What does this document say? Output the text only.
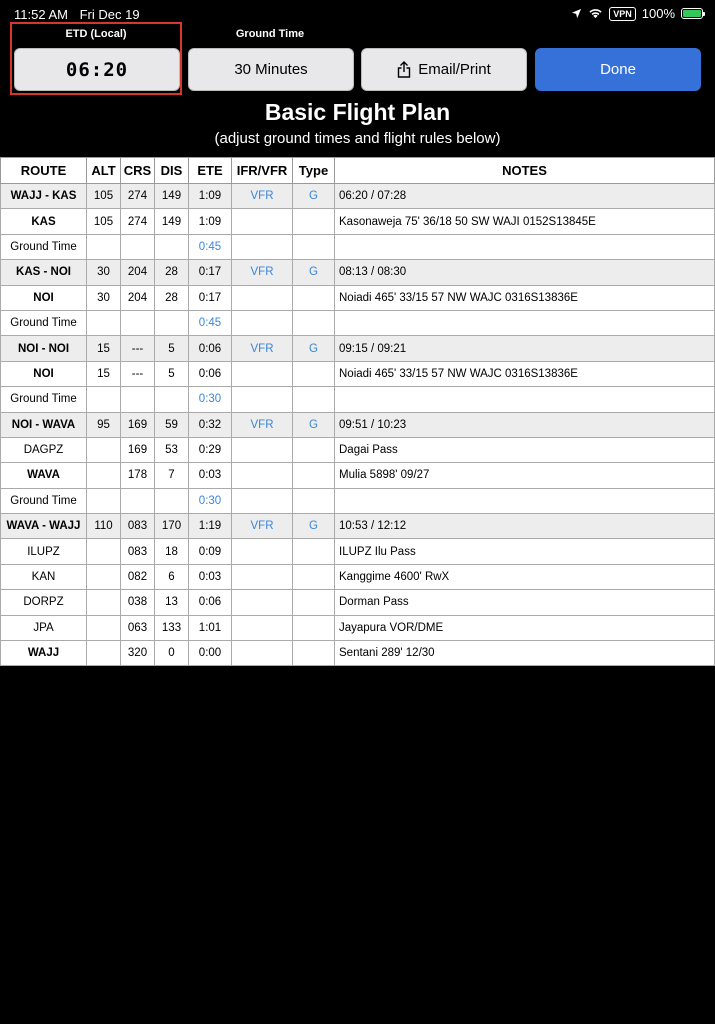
11:52 AM Fri Dec 19	VPN 100%
ETD (Local)	Ground Time
06:20	30 Minutes	Email/Print	Done
Basic Flight Plan
(adjust ground times and flight rules below)
ROUTE	ALT	CRS	DIS	ETE	IFR/VFR	Type	NOTES
WAJJ - KAS	105	274	149	1:09	VFR	G	06:20 / 07:28
KAS	105	274	149	1:09			Kasonaweja 75' 36/18 50 SW WAJI 0152S13845E
Ground Time				0:45			
KAS - NOI	30	204	28	0:17	VFR	G	08:13 / 08:30
NOI	30	204	28	0:17			Noiadi 465' 33/15 57 NW WAJC 0316S13836E
Ground Time				0:45			
NOI - NOI	15	---	5	0:06	VFR	G	09:15 / 09:21
NOI	15	---	5	0:06			Noiadi 465' 33/15 57 NW WAJC 0316S13836E
Ground Time				0:30			
NOI - WAVA	95	169	59	0:32	VFR	G	09:51 / 10:23
DAGPZ		169	53	0:29			Dagai Pass
WAVA		178	7	0:03			Mulia 5898' 09/27
Ground Time				0:30			
WAVA - WAJJ	110	083	170	1:19	VFR	G	10:53 / 12:12
ILUPZ		083	18	0:09			ILUPZ Ilu Pass
KAN		082	6	0:03			Kanggime 4600' RwX
DORPZ		038	13	0:06			Dorman Pass
JPA		063	133	1:01			Jayapura VOR/DME
WAJJ		320	0	0:00			Sentani 289' 12/30
